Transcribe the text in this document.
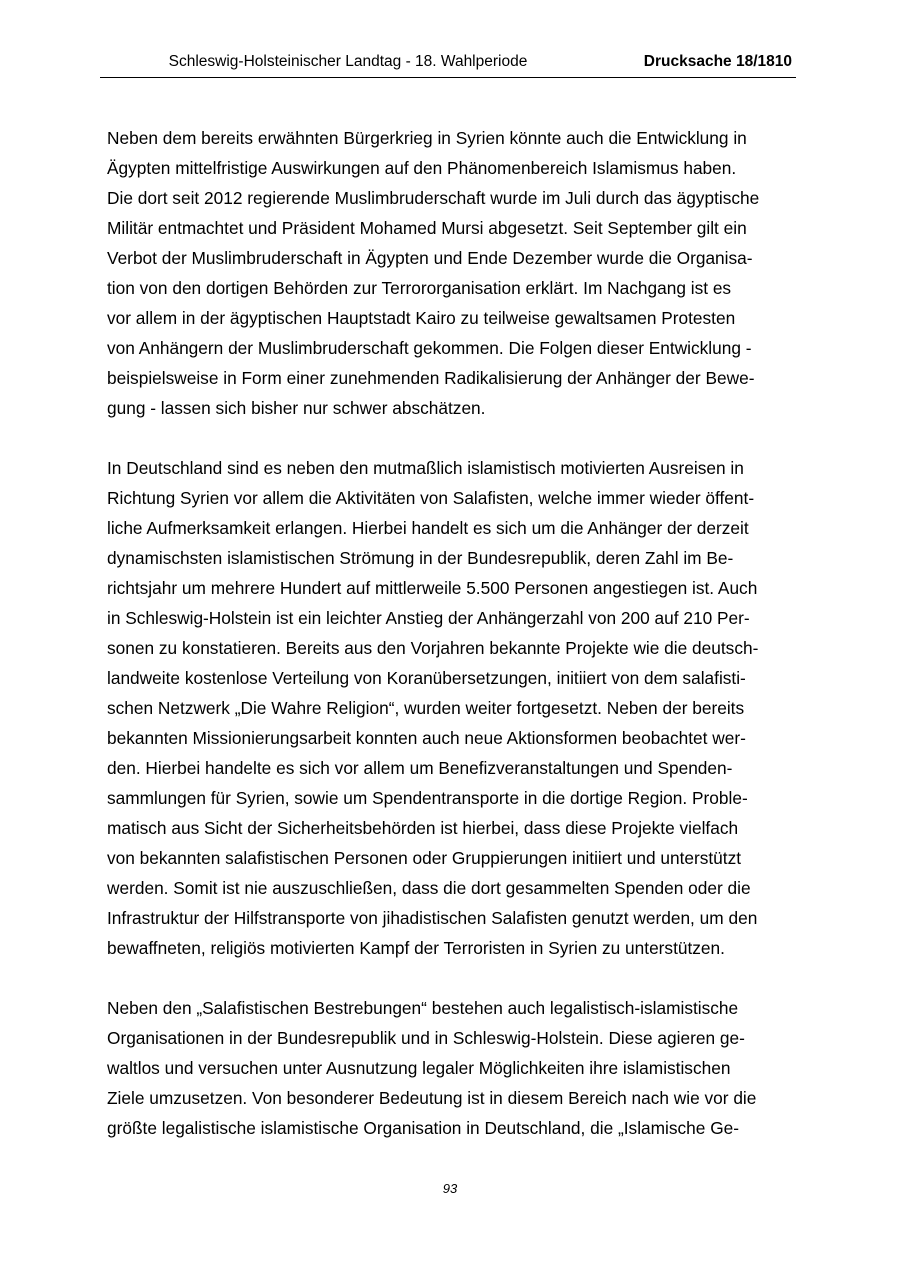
Schleswig-Holsteinischer Landtag - 18. Wahlperiode	Drucksache 18/1810
Neben dem bereits erwähnten Bürgerkrieg in Syrien könnte auch die Entwicklung in
Ägypten mittelfristige Auswirkungen auf den Phänomenbereich Islamismus haben.
Die dort seit 2012 regierende Muslimbruderschaft wurde im Juli durch das ägyptische
Militär entmachtet und Präsident Mohamed Mursi abgesetzt. Seit September gilt ein
Verbot der Muslimbruderschaft in Ägypten und Ende Dezember wurde die Organisa-
tion von den dortigen Behörden zur Terrororganisation erklärt. Im Nachgang ist es
vor allem in der ägyptischen Hauptstadt Kairo zu teilweise gewaltsamen Protesten
von Anhängern der Muslimbruderschaft gekommen. Die Folgen dieser Entwicklung -
beispielsweise in Form einer zunehmenden Radikalisierung der Anhänger der Bewe-
gung - lassen sich bisher nur schwer abschätzen.
In Deutschland sind es neben den mutmaßlich islamistisch motivierten Ausreisen in
Richtung Syrien vor allem die Aktivitäten von Salafisten, welche immer wieder öffent-
liche Aufmerksamkeit erlangen. Hierbei handelt es sich um die Anhänger der derzeit
dynamischsten islamistischen Strömung in der Bundesrepublik, deren Zahl im Be-
richtsjahr um mehrere Hundert auf mittlerweile 5.500 Personen angestiegen ist. Auch
in Schleswig-Holstein ist ein leichter Anstieg der Anhängerzahl von 200 auf 210 Per-
sonen zu konstatieren. Bereits aus den Vorjahren bekannte Projekte wie die deutsch-
landweite kostenlose Verteilung von Koranübersetzungen, initiiert von dem salafisti-
schen Netzwerk „Die Wahre Religion“, wurden weiter fortgesetzt. Neben der bereits
bekannten Missionierungsarbeit konnten auch neue Aktionsformen beobachtet wer-
den. Hierbei handelte es sich vor allem um Benefizveranstaltungen und Spenden-
sammlungen für Syrien, sowie um Spendentransporte in die dortige Region. Proble-
matisch aus Sicht der Sicherheitsbehörden ist hierbei, dass diese Projekte vielfach
von bekannten salafistischen Personen oder Gruppierungen initiiert und unterstützt
werden. Somit ist nie auszuschließen, dass die dort gesammelten Spenden oder die
Infrastruktur der Hilfstransporte von jihadistischen Salafisten genutzt werden, um den
bewaffneten, religiös motivierten Kampf der Terroristen in Syrien zu unterstützen.
Neben den „Salafistischen Bestrebungen“ bestehen auch legalistisch-islamistische
Organisationen in der Bundesrepublik und in Schleswig-Holstein. Diese agieren ge-
waltlos und versuchen unter Ausnutzung legaler Möglichkeiten ihre islamistischen
Ziele umzusetzen. Von besonderer Bedeutung ist in diesem Bereich nach wie vor die
größte legalistische islamistische Organisation in Deutschland, die „Islamische Ge-
93
